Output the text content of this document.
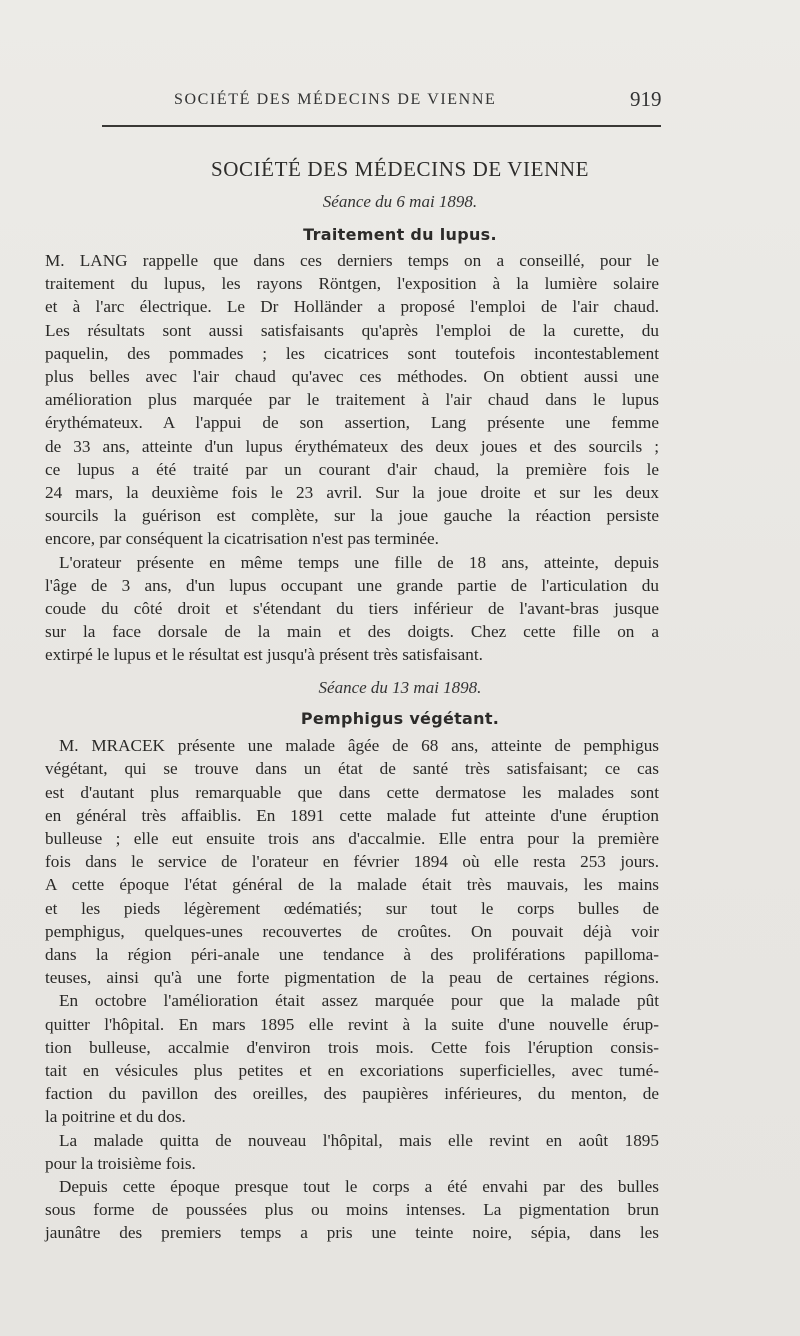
SOCIÉTÉ DES MÉDECINS DE VIENNE	919
SOCIÉTÉ DES MÉDECINS DE VIENNE
Séance du 6 mai 1898.
Traitement du lupus.
M. LANG rappelle que dans ces derniers temps on a conseillé, pour le
traitement du lupus, les rayons Röntgen, l'exposition à la lumière solaire
et à l'arc électrique. Le Dr Holländer a proposé l'emploi de l'air chaud.
Les résultats sont aussi satisfaisants qu'après l'emploi de la curette, du
paquelin, des pommades ; les cicatrices sont toutefois incontestablement
plus belles avec l'air chaud qu'avec ces méthodes. On obtient aussi une
amélioration plus marquée par le traitement à l'air chaud dans le lupus
érythémateux. A l'appui de son assertion, Lang présente une femme
de 33 ans, atteinte d'un lupus érythémateux des deux joues et des sourcils ;
ce lupus a été traité par un courant d'air chaud, la première fois le
24 mars, la deuxième fois le 23 avril. Sur la joue droite et sur les deux
sourcils la guérison est complète, sur la joue gauche la réaction persiste
encore, par conséquent la cicatrisation n'est pas terminée.
L'orateur présente en même temps une fille de 18 ans, atteinte, depuis
l'âge de 3 ans, d'un lupus occupant une grande partie de l'articulation du
coude du côté droit et s'étendant du tiers inférieur de l'avant-bras jusque
sur la face dorsale de la main et des doigts. Chez cette fille on a
extirpé le lupus et le résultat est jusqu'à présent très satisfaisant.
Séance du 13 mai 1898.
Pemphigus végétant.
M. MRACEK présente une malade âgée de 68 ans, atteinte de pemphigus
végétant, qui se trouve dans un état de santé très satisfaisant; ce cas
est d'autant plus remarquable que dans cette dermatose les malades sont
en général très affaiblis. En 1891 cette malade fut atteinte d'une éruption
bulleuse ; elle eut ensuite trois ans d'accalmie. Elle entra pour la première
fois dans le service de l'orateur en février 1894 où elle resta 253 jours.
A cette époque l'état général de la malade était très mauvais, les mains
et les pieds légèrement œdématiés; sur tout le corps bulles de
pemphigus, quelques-unes recouvertes de croûtes. On pouvait déjà voir
dans la région péri-anale une tendance à des proliférations papilloma-
teuses, ainsi qu'à une forte pigmentation de la peau de certaines régions.
En octobre l'amélioration était assez marquée pour que la malade pût
quitter l'hôpital. En mars 1895 elle revint à la suite d'une nouvelle érup-
tion bulleuse, accalmie d'environ trois mois. Cette fois l'éruption consis-
tait en vésicules plus petites et en excoriations superficielles, avec tumé-
faction du pavillon des oreilles, des paupières inférieures, du menton, de
la poitrine et du dos.
La malade quitta de nouveau l'hôpital, mais elle revint en août 1895
pour la troisième fois.
Depuis cette époque presque tout le corps a été envahi par des bulles
sous forme de poussées plus ou moins intenses. La pigmentation brun
jaunâtre des premiers temps a pris une teinte noire, sépia, dans les
